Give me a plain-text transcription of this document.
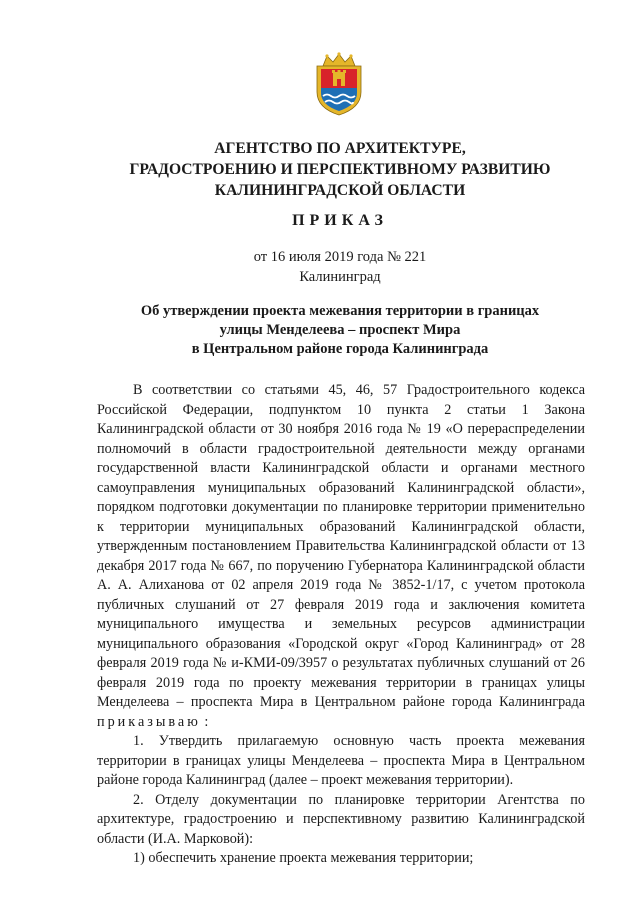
АГЕНТСТВО ПО АРХИТЕКТУРЕ,
ГРАДОСТРОЕНИЮ И ПЕРСПЕКТИВНОМУ РАЗВИТИЮ
КАЛИНИНГРАДСКОЙ ОБЛАСТИ
ПРИКАЗ
от 16 июля 2019 года № 221
Калининград
Об утверждении проекта межевания территории в границах
улицы Менделеева – проспект Мира
в Центральном районе города Калининграда

В соответствии со статьями 45, 46, 57 Градостроительного кодекса Российской Федерации, подпунктом 10 пункта 2 статьи 1 Закона Калининградской области от 30 ноября 2016 года № 19 «О перераспределении полномочий в области градостроительной деятельности между органами государственной власти Калининградской области и органами местного самоуправления муниципальных образований Калининградской области», порядком подготовки документации по планировке территории применительно к территории муниципальных образований Калининградской области, утвержденным постановлением Правительства Калининградской области от 13 декабря 2017 года № 667, по поручению Губернатора Калининградской области А. А. Алиханова от 02 апреля 2019 года № 3852-1/17, с учетом протокола публичных слушаний от 27 февраля 2019 года и заключения комитета муниципального имущества и земельных ресурсов администрации муниципального образования «Городской округ «Город Калининград» от 28 февраля 2019 года № и-КМИ-09/3957 о результатах публичных слушаний от 26 февраля 2019 года по проекту межевания территории в границах улицы Менделеева – проспекта Мира в Центральном районе города Калининграда приказываю :

1. Утвердить прилагаемую основную часть проекта межевания территории в границах улицы Менделеева – проспекта Мира в Центральном районе города Калининград (далее – проект межевания территории).

2. Отделу документации по планировке территории Агентства по архитектуре, градостроению и перспективному развитию Калининградской области (И.А. Марковой):

1) обеспечить хранение проекта межевания территории;
